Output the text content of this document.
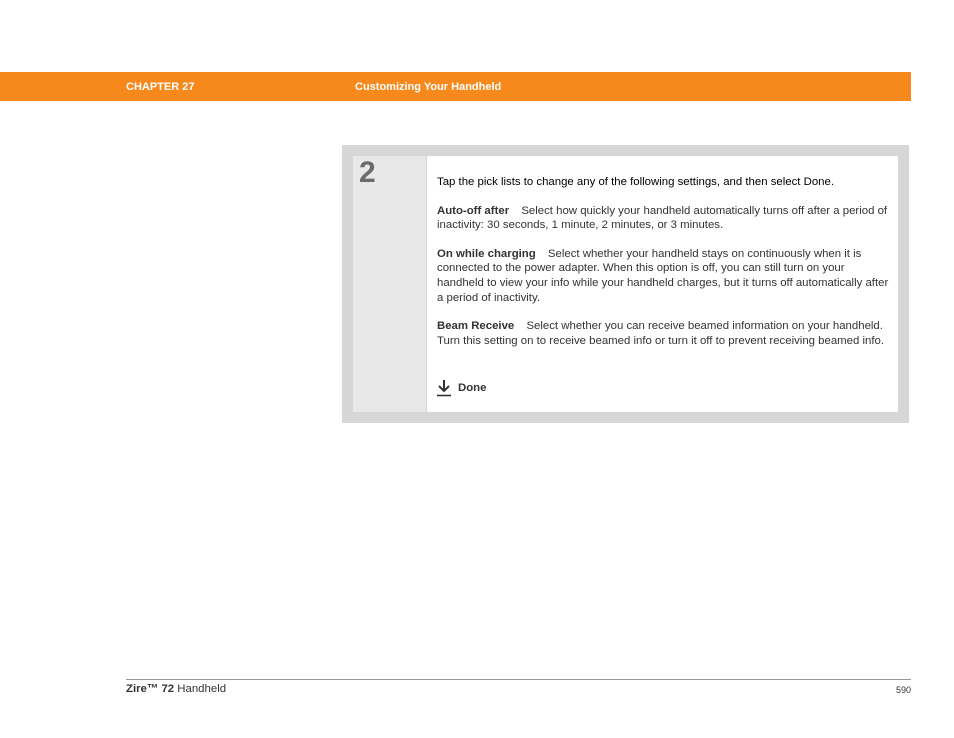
CHAPTER 27	Customizing Your Handheld
2	Tap the pick lists to change any of the following settings, and then select Done.

Auto-off after Select how quickly your handheld automatically turns off after a period of inactivity: 30 seconds, 1 minute, 2 minutes, or 3 minutes.

On while charging Select whether your handheld stays on continuously when it is connected to the power adapter. When this option is off, you can still turn on your handheld to view your info while your handheld charges, but it turns off automatically after a period of inactivity.

Beam Receive Select whether you can receive beamed information on your handheld. Turn this setting on to receive beamed info or turn it off to prevent receiving beamed info.

Done
Zire™ 72 Handheld	590
